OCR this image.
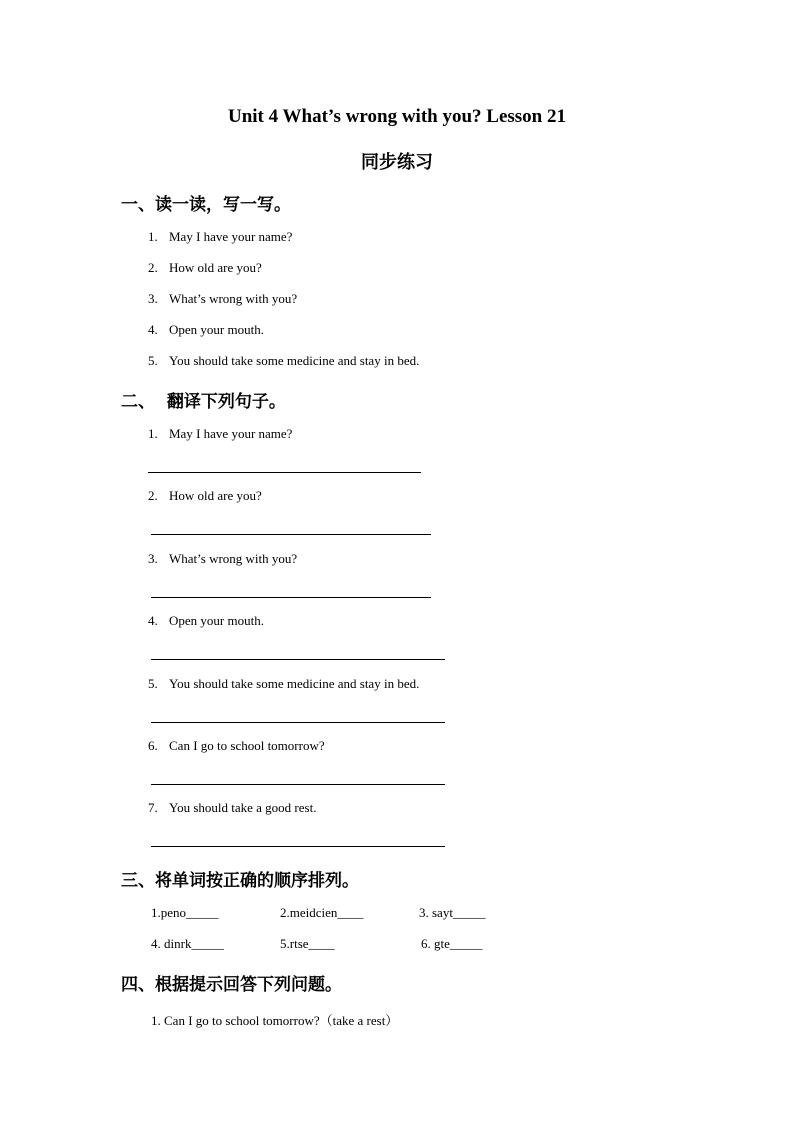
Unit 4 What’s wrong with you? Lesson 21
同步练习
一、读一读，写一写。
1. May I have your name?
2. How old are you?
3. What’s wrong with you?
4. Open your mouth.
5. You should take some medicine and stay in bed.
二、  翻译下列句子。
1. May I have your name?
2. How old are you?
3. What’s wrong with you?
4. Open your mouth.
5. You should take some medicine and stay in bed.
6. Can I go to school tomorrow?
7. You should take a good rest.
三、将单词按正确的顺序排列。
1.peno_____	2.meidcien____	3. sayt_____
4. dinrk_____	5.rtse____	6. gte_____
四、根据提示回答下列问题。
1. Can I go to school tomorrow?（take a rest）
